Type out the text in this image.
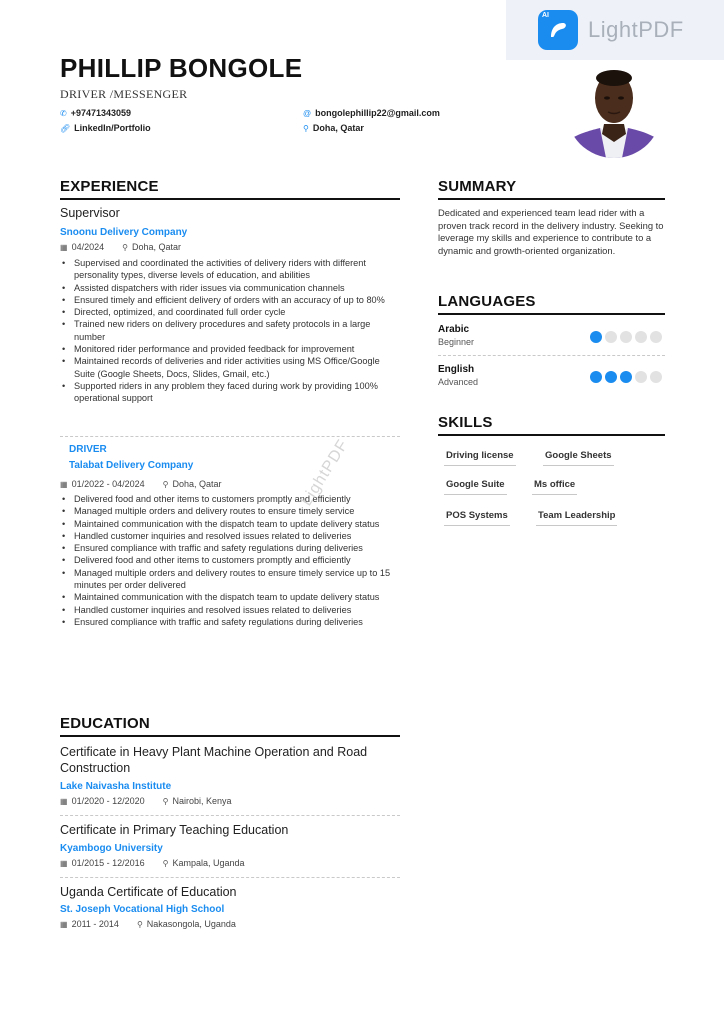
AI
LightPDF
PHILLIP BONGOLE
DRIVER /MESSENGER
✆ +97471343059
🔗︎ LinkedIn/Portfolio
@ bongolephillip22@gmail.com
⚲ Doha, Qatar
EXPERIENCE
Supervisor
Snoonu Delivery Company
▦ 04/2024 ⚲ Doha, Qatar
• Supervised and coordinated the activities of delivery riders with different personality types, diverse levels of education, and abilities
• Assisted dispatchers with rider issues via communication channels
• Ensured timely and efficient delivery of orders with an accuracy of up to 80%
• Directed, optimized, and coordinated full order cycle
• Trained new riders on delivery procedures and safety protocols in a large number
• Monitored rider performance and provided feedback for improvement
• Maintained records of deliveries and rider activities using MS Office/Google Suite (Google Sheets, Docs, Slides, Gmail, etc.)
• Supported riders in any problem they faced during work by providing 100% operational support
DRIVER
Talabat Delivery Company
▦ 01/2022 - 04/2024 ⚲ Doha, Qatar
• Delivered food and other items to customers promptly and efficiently
• Managed multiple orders and delivery routes to ensure timely service
• Maintained communication with the dispatch team to update delivery status
• Handled customer inquiries and resolved issues related to deliveries
• Ensured compliance with traffic and safety regulations during deliveries
• Delivered food and other items to customers promptly and efficiently
• Managed multiple orders and delivery routes to ensure timely service up to 15 minutes per order delivered
• Maintained communication with the dispatch team to update delivery status
• Handled customer inquiries and resolved issues related to deliveries
• Ensured compliance with traffic and safety regulations during deliveries
LightPDF
EDUCATION
Certificate in Heavy Plant Machine Operation and Road Construction
Lake Naivasha Institute
▦ 01/2020 - 12/2020 ⚲ Nairobi, Kenya
Certificate in Primary Teaching Education
Kyambogo University
▦ 01/2015 - 12/2016 ⚲ Kampala, Uganda
Uganda Certificate of Education
St. Joseph Vocational High School
▦ 2011 - 2014 ⚲ Nakasongola, Uganda
SUMMARY
Dedicated and experienced team lead rider with a proven track record in the delivery industry. Seeking to leverage my skills and experience to contribute to a dynamic and growth-oriented organization.
LANGUAGES
Arabic
Beginner
English
Advanced
SKILLS
Driving license	Google Sheets
Google Suite	Ms office
POS Systems	Team Leadership
